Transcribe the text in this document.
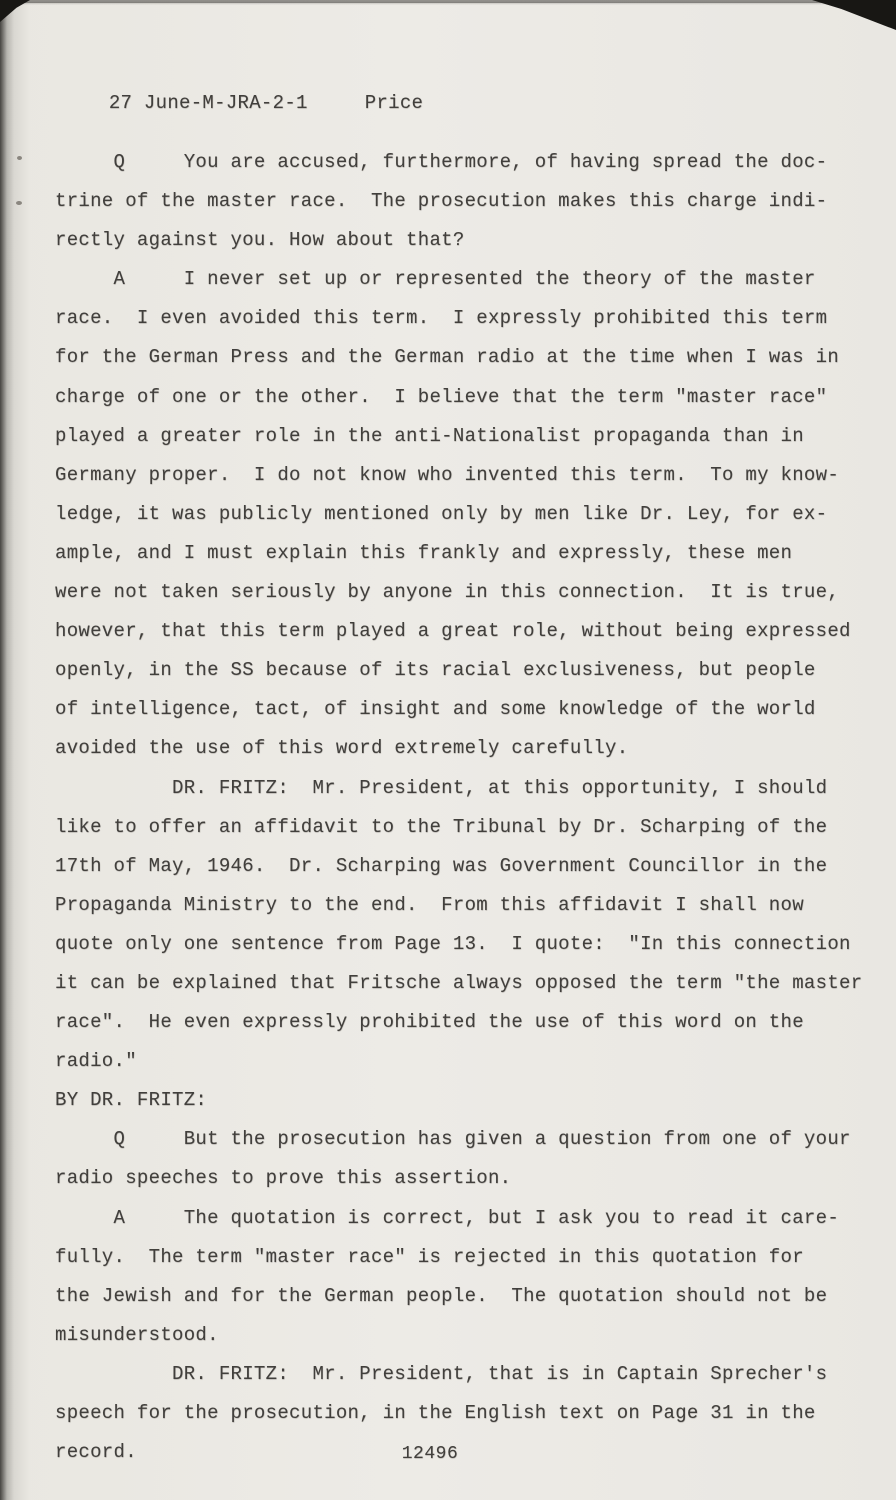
27 June-M-JRA-2-1	Price

Q     You are accused, furthermore, of having spread the doc-
trine of the master race.  The prosecution makes this charge indi-
rectly against you. How about that?
A     I never set up or represented the theory of the master
race.  I even avoided this term.  I expressly prohibited this term
for the German Press and the German radio at the time when I was in
charge of one or the other.  I believe that the term "master race"
played a greater role in the anti-Nationalist propaganda than in
Germany proper.  I do not know who invented this term.  To my know-
ledge, it was publicly mentioned only by men like Dr. Ley, for ex-
ample, and I must explain this frankly and expressly, these men
were not taken seriously by anyone in this connection.  It is true,
however, that this term played a great role, without being expressed
openly, in the SS because of its racial exclusiveness, but people
of intelligence, tact, of insight and some knowledge of the world
avoided the use of this word extremely carefully.
DR. FRITZ:  Mr. President, at this opportunity, I should
like to offer an affidavit to the Tribunal by Dr. Scharping of the
17th of May, 1946.  Dr. Scharping was Government Councillor in the
Propaganda Ministry to the end.  From this affidavit I shall now
quote only one sentence from Page 13.  I quote:  "In this connection
it can be explained that Fritsche always opposed the term "the master
race".  He even expressly prohibited the use of this word on the
radio."
BY DR. FRITZ:
Q     But the prosecution has given a question from one of your
radio speeches to prove this assertion.
A     The quotation is correct, but I ask you to read it care-
fully.  The term "master race" is rejected in this quotation for
the Jewish and for the German people.  The quotation should not be
misunderstood.
DR. FRITZ:  Mr. President, that is in Captain Sprecher's
speech for the prosecution, in the English text on Page 31 in the
record.	12496
